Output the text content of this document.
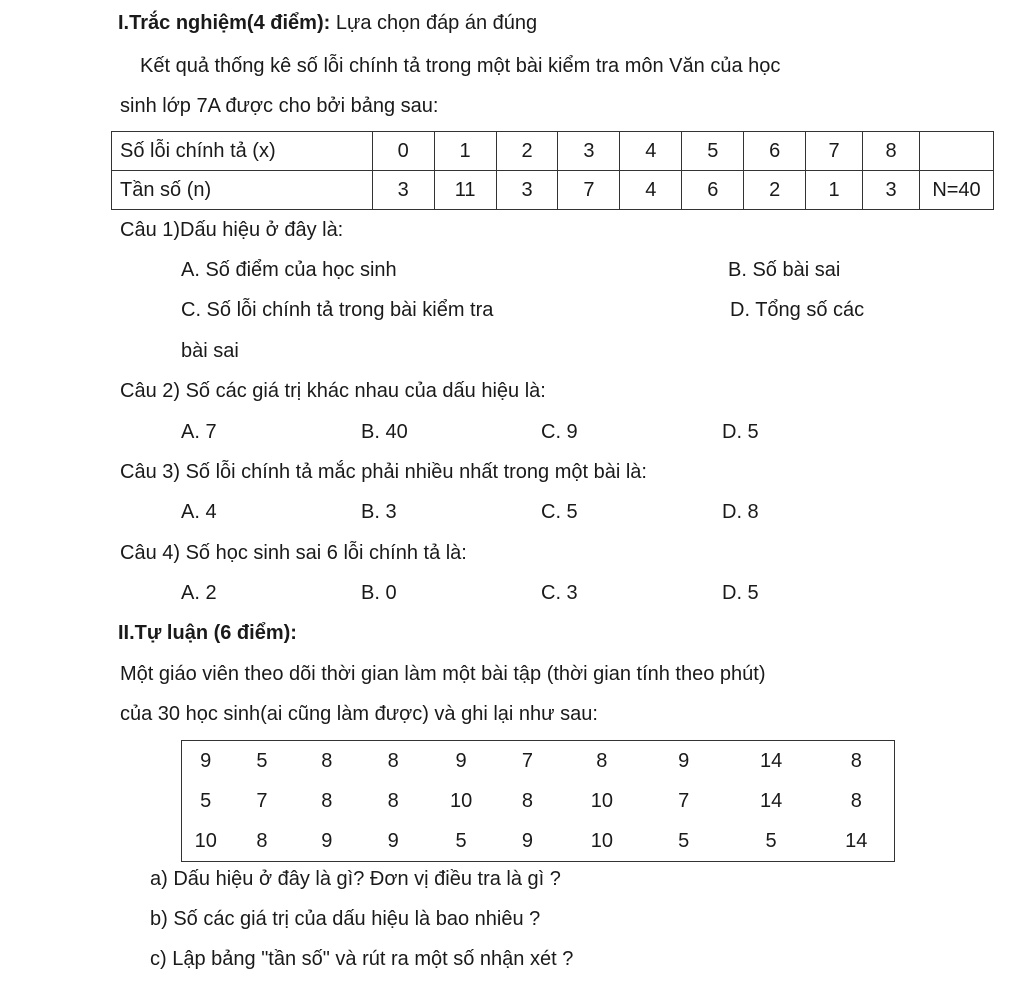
I.Trắc nghiệm(4 điểm): Lựa chọn đáp án đúng
Kết quả thống kê số lỗi chính tả trong một bài kiểm tra môn Văn của học
sinh lớp 7A được cho bởi bảng sau:
Số lỗi chính tả (x)	0	1	2	3	4	5	6	7	8	
Tần số (n)	3	11	3	7	4	6	2	1	3	N=40
Câu 1)Dấu hiệu ở đây là:
A. Số điểm của học sinh	B. Số bài sai
C. Số lỗi chính tả trong bài kiểm tra	D. Tổng số các
bài sai
Câu 2) Số các giá trị khác nhau của dấu hiệu là:
A. 7	B. 40	C. 9	D. 5
Câu 3) Số lỗi chính tả mắc phải nhiều nhất trong một bài là:
A. 4	B. 3	C. 5	D. 8
Câu 4) Số học sinh sai 6 lỗi chính tả là:
A. 2	B. 0	C. 3	D. 5
II.Tự luận (6 điểm):
Một giáo viên theo dõi thời gian làm một bài tập (thời gian tính theo phút)
của 30 học sinh(ai cũng làm được) và ghi lại như sau:
9	5	8	8	9	7	8	9	14	8
5	7	8	8	10	8	10	7	14	8
10	8	9	9	5	9	10	5	5	14
a) Dấu hiệu ở đây là gì? Đơn vị điều tra là gì ?
b) Số các giá trị của dấu hiệu là bao nhiêu ?
c) Lập bảng "tần số" và rút ra một số nhận xét ?
